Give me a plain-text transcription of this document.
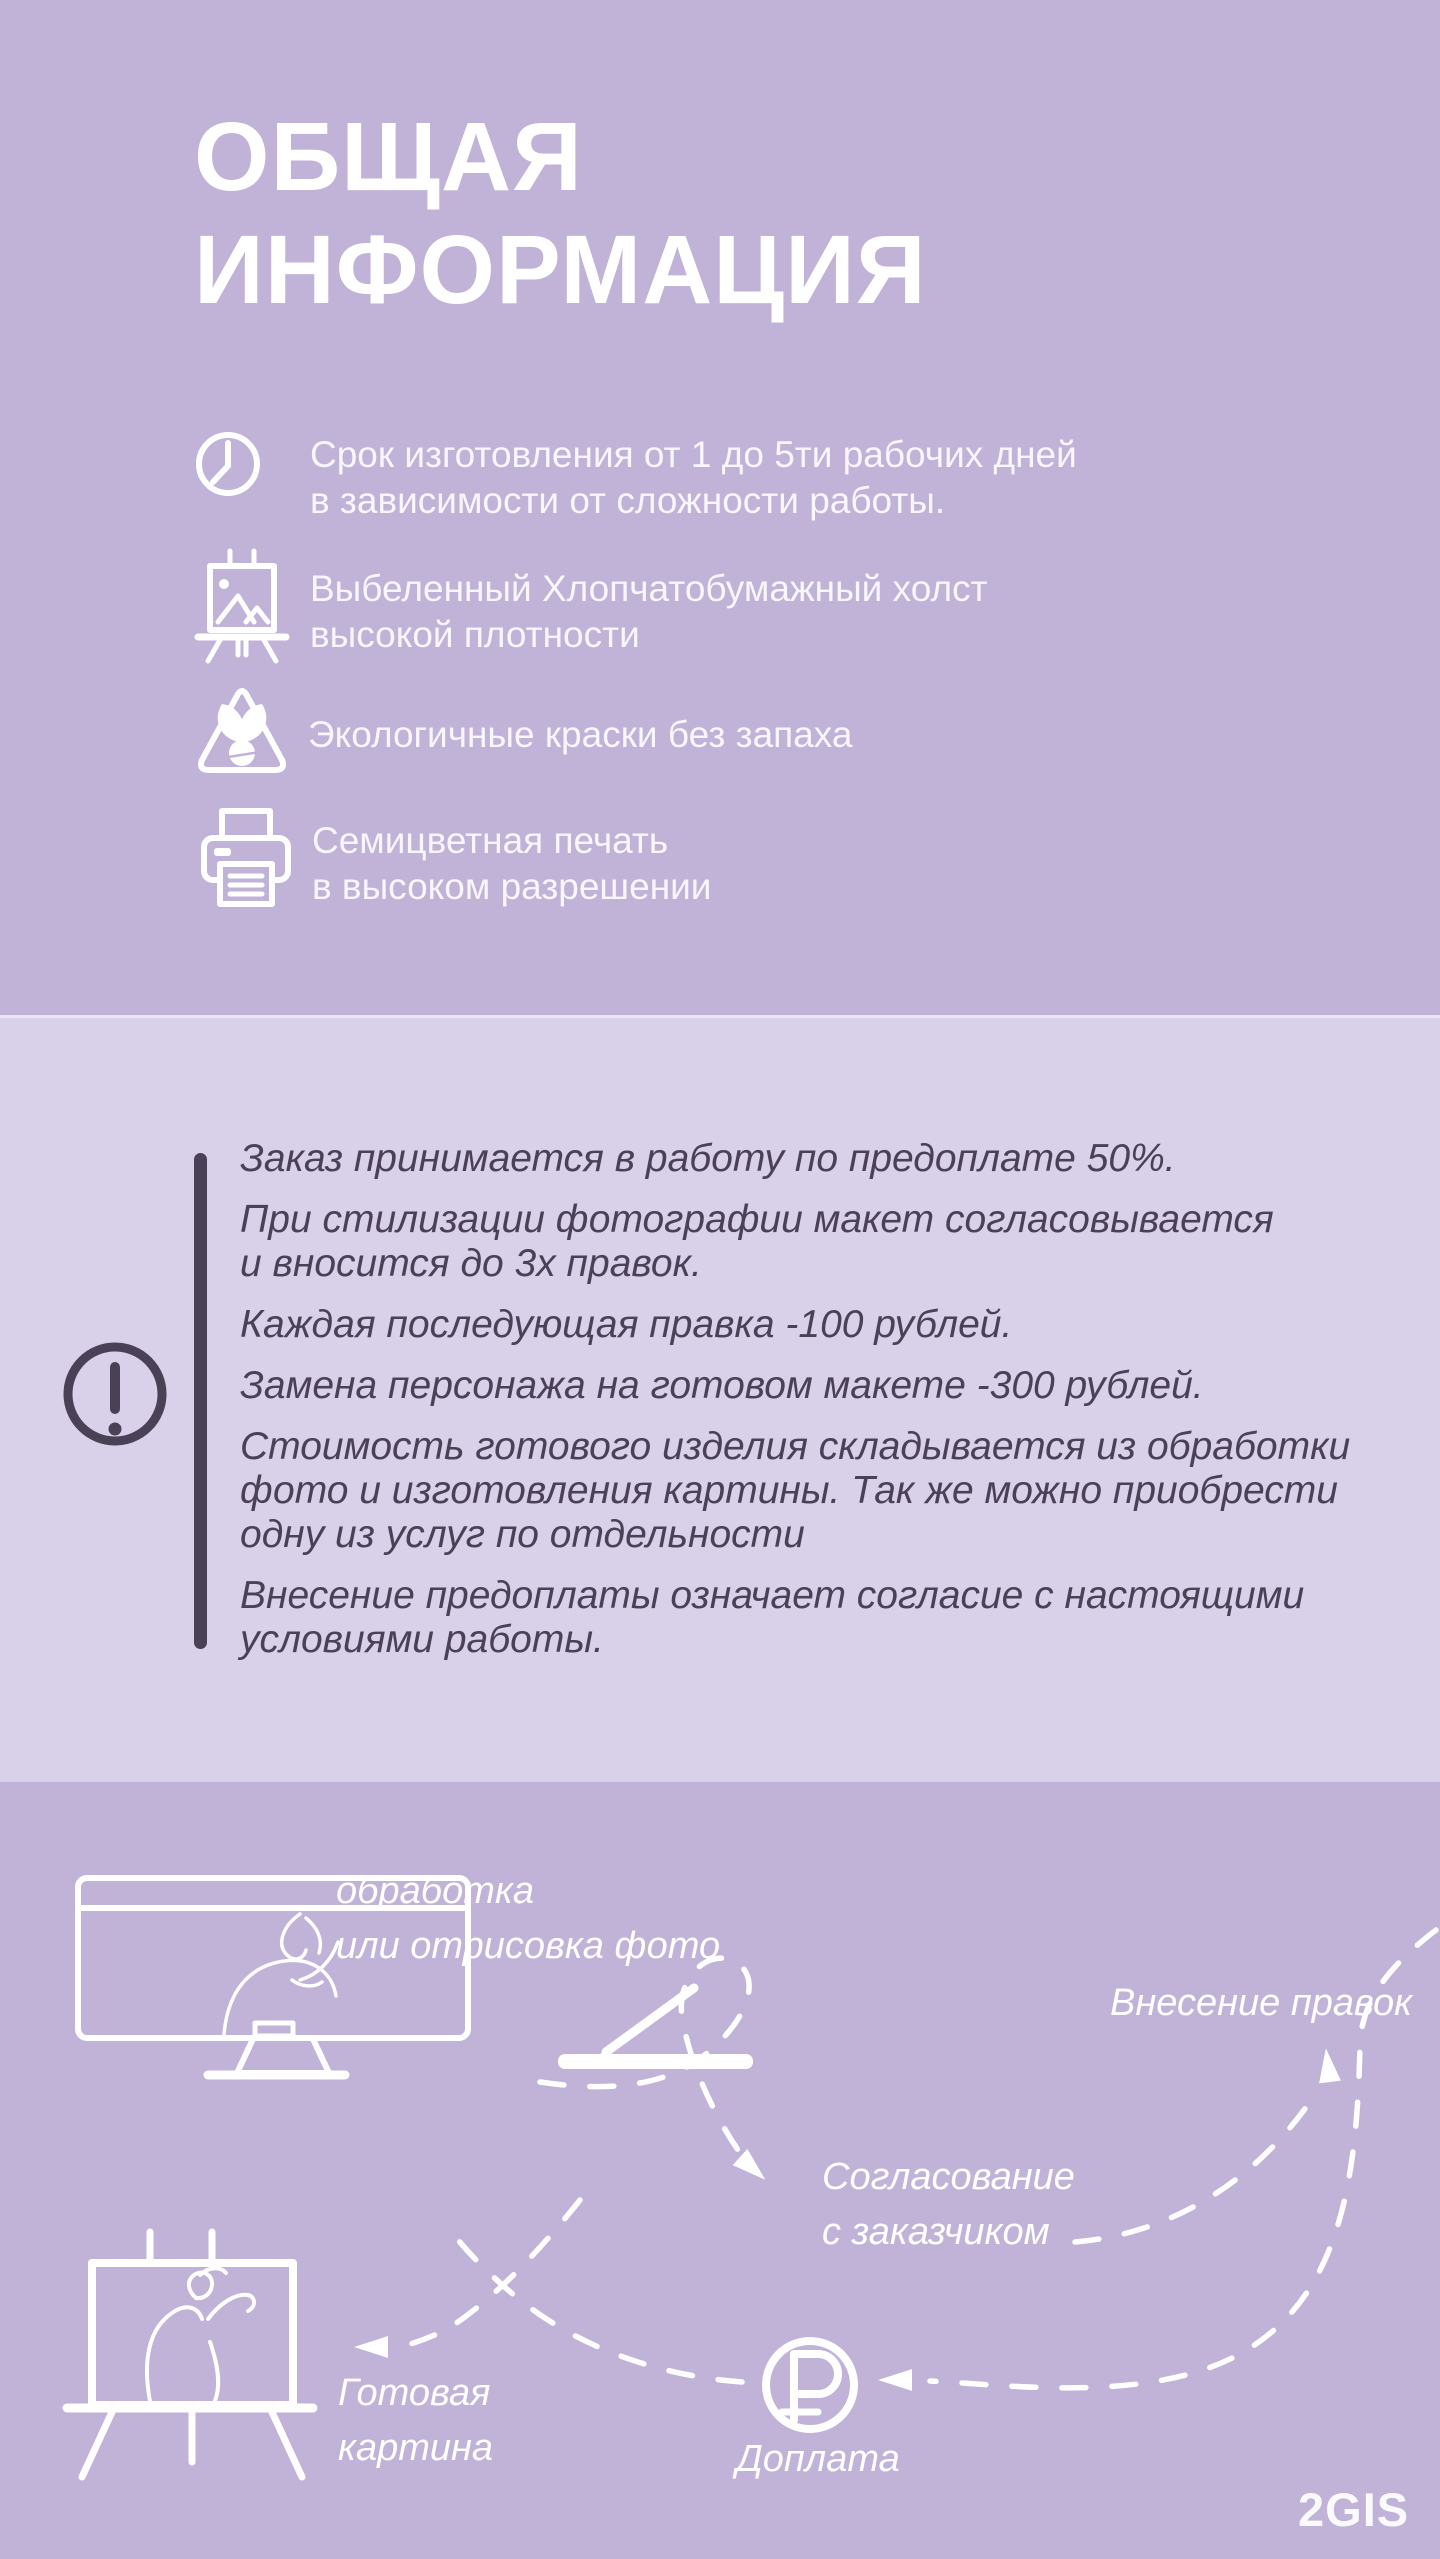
ОБЩАЯ
ИНФОРМАЦИЯ
Срок изготовления от 1 до 5ти рабочих дней
в зависимости от сложности работы.
Выбеленный Хлопчатобумажный холст
высокой плотности
Экологичные краски без запаха
Семицветная печать
в высоком разрешении

Заказ принимается в работу по предоплате 50%.

При стилизации фотографии макет согласовывается
и вносится до 3х правок.

Каждая последующая правка -100 рублей.

Замена персонажа на готовом макете -300 рублей.

Стоимость готового изделия складывается из обработки
фото и изготовления картины. Так же можно приобрести
одну из услуг по отдельности

Внесение предоплаты означает согласие с настоящими
условиями работы.

обработка
или отрисовка фото
Внесение правок
Согласование
с заказчиком
Готовая
картина	Доплата
2GIS
